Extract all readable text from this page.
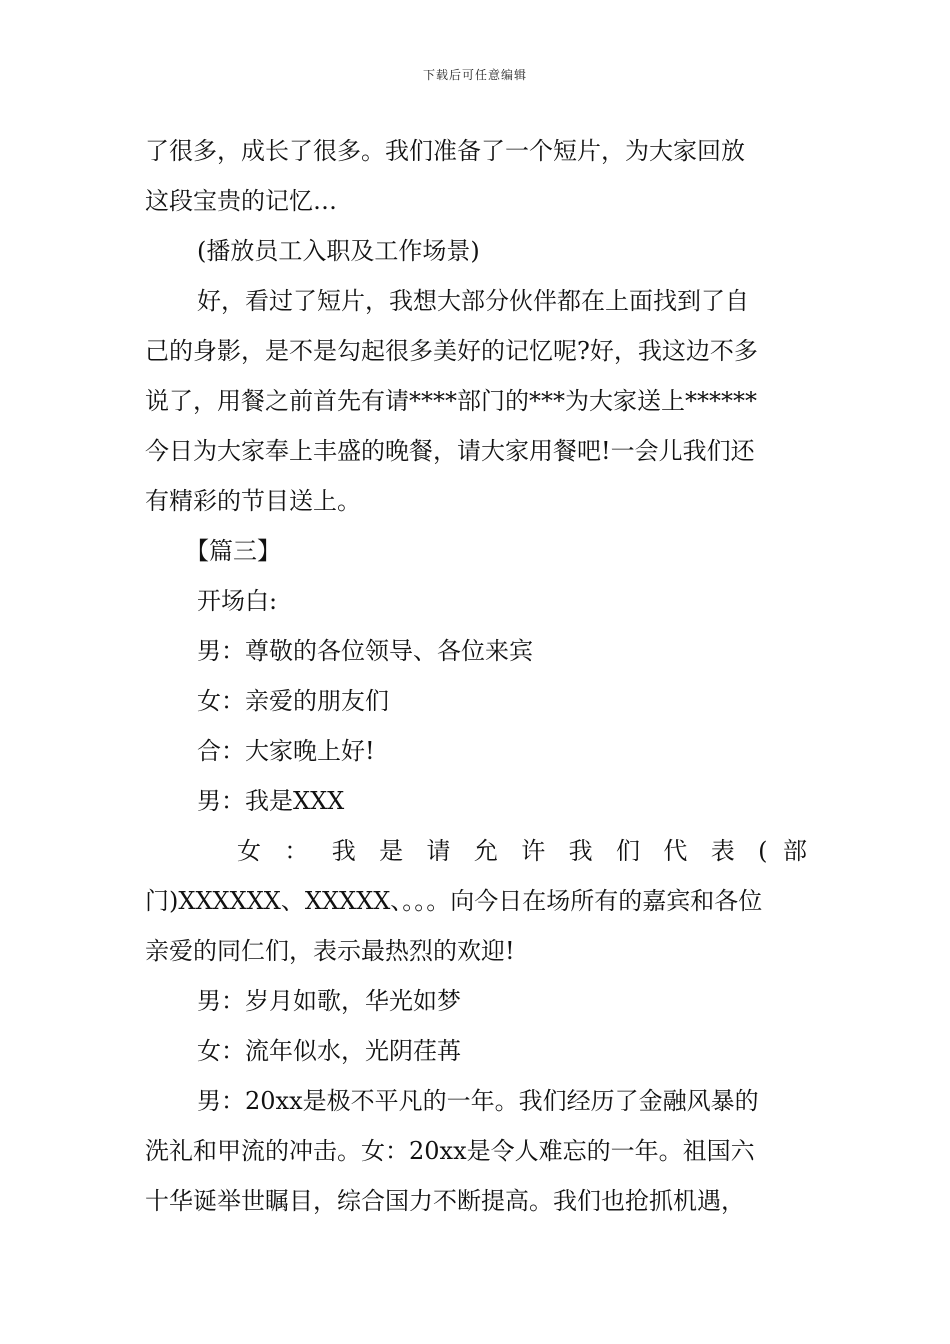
下载后可任意编辑

了很多，成长了很多。我们准备了一个短片，为大家回放

这段宝贵的记忆…

(播放员工入职及工作场景)

好，看过了短片，我想大部分伙伴都在上面找到了自

己的身影，是不是勾起很多美好的记忆呢?好，我这边不多

说了，用餐之前首先有请****部门的***为大家送上******

今日为大家奉上丰盛的晚餐，请大家用餐吧!一会儿我们还

有精彩的节目送上。

【篇三】

开场白:

男：尊敬的各位领导、各位来宾

女：亲爱的朋友们

合：大家晚上好!

男：我是XXX

女 ： 我 是 请 允 许 我 们 代 表 ( 部

门)XXXXXX、XXXXX、。。。向今日在场所有的嘉宾和各位

亲爱的同仁们，表示最热烈的欢迎!

男：岁月如歌，华光如梦

女：流年似水，光阴荏苒

男：20xx是极不平凡的一年。我们经历了金融风暴的

洗礼和甲流的冲击。女：20xx是令人难忘的一年。祖国六

十华诞举世瞩目，综合国力不断提高。我们也抢抓机遇，
